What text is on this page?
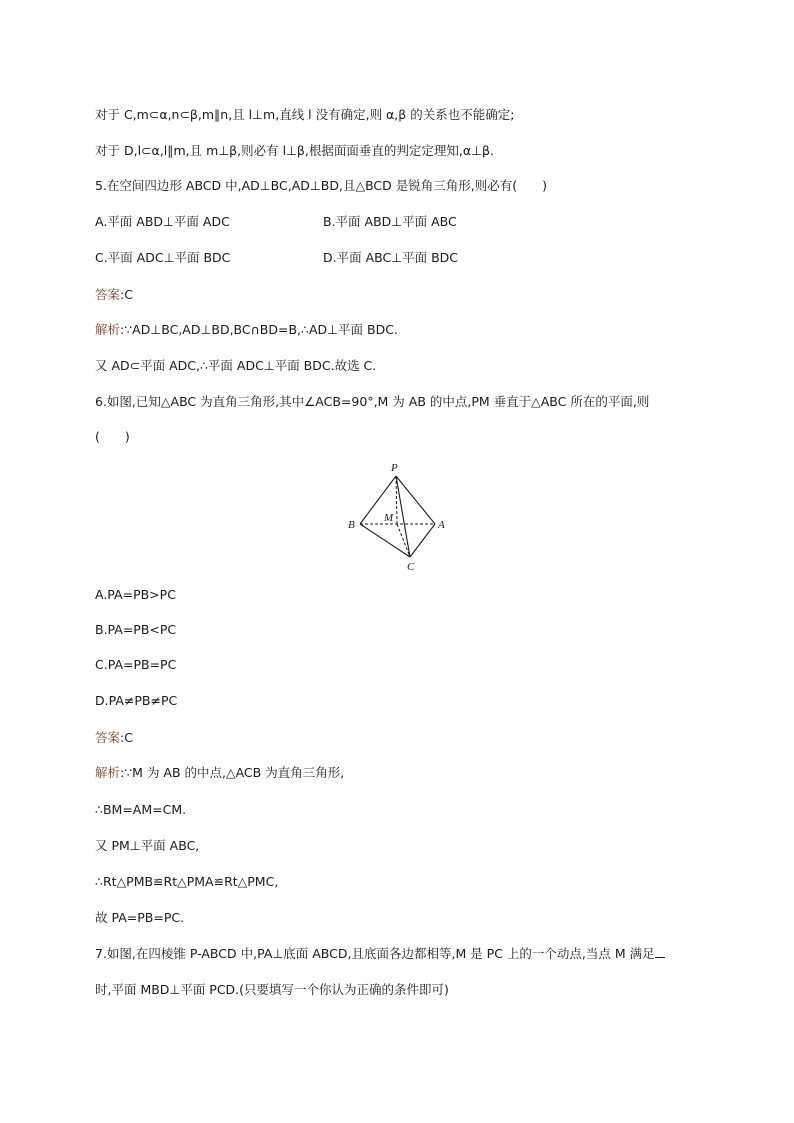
对于 C,m⊂α,n⊂β,m∥n,且 l⊥m,直线 l 没有确定,则 α,β 的关系也不能确定;
对于 D,l⊂α,l∥m,且 m⊥β,则必有 l⊥β,根据面面垂直的判定定理知,α⊥β.
5.在空间四边形 ABCD 中,AD⊥BC,AD⊥BD,且△BCD 是锐角三角形,则必有(　　)
A.平面 ABD⊥平面 ADC	B.平面 ABD⊥平面 ABC
C.平面 ADC⊥平面 BDC	D.平面 ABC⊥平面 BDC
答案:C
解析:∵AD⊥BC,AD⊥BD,BC∩BD=B,∴AD⊥平面 BDC.
又 AD⊂平面 ADC,∴平面 ADC⊥平面 BDC.故选 C.
6.如图,已知△ABC 为直角三角形,其中∠ACB=90°,M 为 AB 的中点,PM 垂直于△ABC 所在的平面,则
(　　)
P
B
M
A
C
A.PA=PB>PC
B.PA=PB<PC
C.PA=PB=PC
D.PA≠PB≠PC
答案:C
解析:∵M 为 AB 的中点,△ACB 为直角三角形,
∴BM=AM=CM.
又 PM⊥平面 ABC,
∴Rt△PMB≌Rt△PMA≌Rt△PMC,
故 PA=PB=PC.
7.如图,在四棱锥 P-ABCD 中,PA⊥底面 ABCD,且底面各边都相等,M 是 PC 上的一个动点,当点 M 满足
时,平面 MBD⊥平面 PCD.(只要填写一个你认为正确的条件即可)
